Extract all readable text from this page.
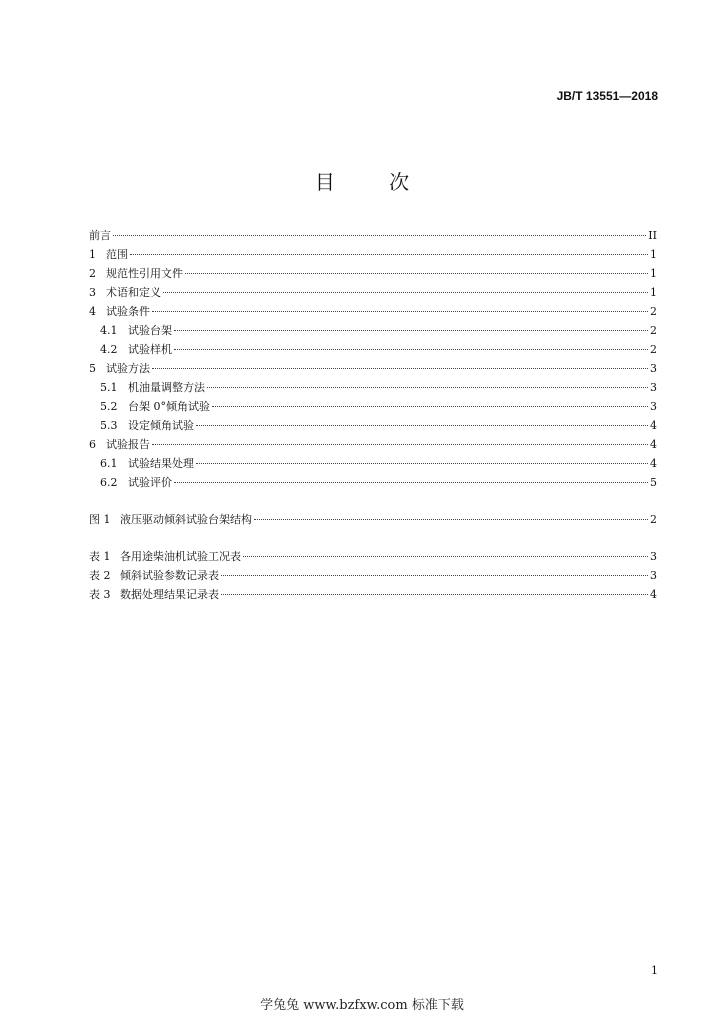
JB/T 13551—2018
目 次
前言	II
1 范围	1
2 规范性引用文件	1
3 术语和定义	1
4 试验条件	2
4.1 试验台架	2
4.2 试验样机	2
5 试验方法	3
5.1 机油量调整方法	3
5.2 台架 0°倾角试验	3
5.3 设定倾角试验	4
6 试验报告	4
6.1 试验结果处理	4
6.2 试验评价	5
图 1 液压驱动倾斜试验台架结构	2
表 1 各用途柴油机试验工况表	3
表 2 倾斜试验参数记录表	3
表 3 数据处理结果记录表	4
1
学兔兔 www.bzfxw.com 标准下载
